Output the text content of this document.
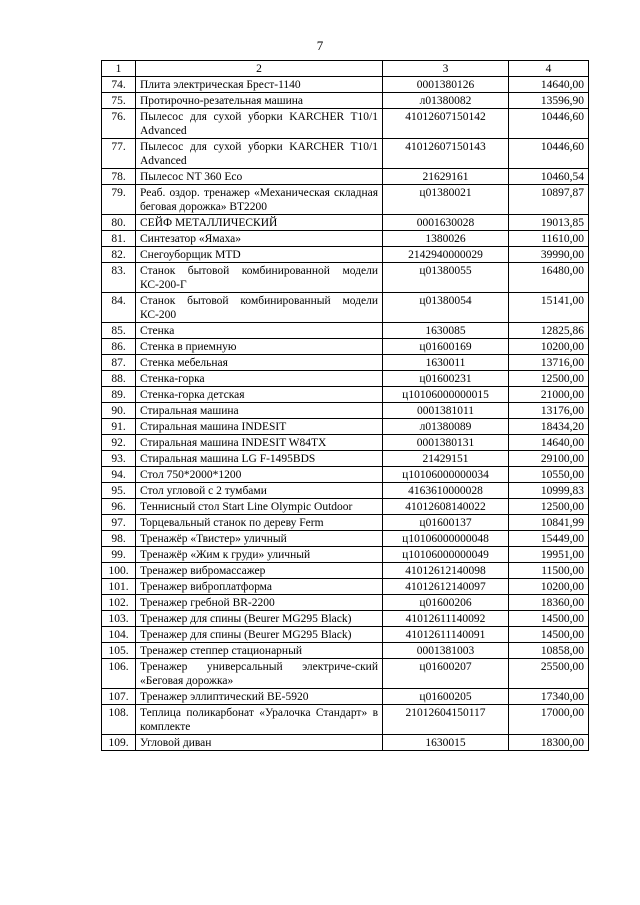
7
1	2	3	4
74.	Плита электрическая Брест-1140	0001380126	14640,00
75.	Протирочно-резательная машина	л01380082	13596,90
76.	Пылесос для сухой уборки KARCHER T10/1 Advanced	41012607150142	10446,60
77.	Пылесос для сухой уборки KARCHER T10/1 Advanced	41012607150143	10446,60
78.	Пылесос NT 360 Eco	21629161	10460,54
79.	Реаб. оздор. тренажер «Механическая складная беговая дорожка» ВТ2200	ц01380021	10897,87
80.	СЕЙФ МЕТАЛЛИЧЕСКИЙ	0001630028	19013,85
81.	Синтезатор «Ямаха»	1380026	11610,00
82.	Снегоуборщик MTD	2142940000029	39990,00
83.	Станок бытовой комбинированной модели КС-200-Г	ц01380055	16480,00
84.	Станок бытовой комбинированный модели КС-200	ц01380054	15141,00
85.	Стенка	1630085	12825,86
86.	Стенка в приемную	ц01600169	10200,00
87.	Стенка мебельная	1630011	13716,00
88.	Стенка-горка	ц01600231	12500,00
89.	Стенка-горка детская	ц10106000000015	21000,00
90.	Стиральная машина	0001381011	13176,00
91.	Стиральная машина INDESIT	л01380089	18434,20
92.	Стиральная машина INDESIT W84TX	0001380131	14640,00
93.	Стиральная машина LG F-1495BDS	21429151	29100,00
94.	Стол 750*2000*1200	ц10106000000034	10550,00
95.	Стол угловой с 2 тумбами	4163610000028	10999,83
96.	Теннисный стол Start Line Olympic Outdoor	41012608140022	12500,00
97.	Торцевальный станок по дереву Ferm	ц01600137	10841,99
98.	Тренажёр «Твистер» уличный	ц10106000000048	15449,00
99.	Тренажёр «Жим к груди» уличный	ц10106000000049	19951,00
100.	Тренажер вибромассажер	41012612140098	11500,00
101.	Тренажер виброплатформа	41012612140097	10200,00
102.	Тренажер гребной BR-2200	ц01600206	18360,00
103.	Тренажер для спины (Beurer MG295 Black)	41012611140092	14500,00
104.	Тренажер для спины (Beurer MG295 Black)	41012611140091	14500,00
105.	Тренажер степпер стационарный	0001381003	10858,00
106.	Тренажер универсальный электриче-ский «Беговая дорожка»	ц01600207	25500,00
107.	Тренажер эллиптический ВЕ-5920	ц01600205	17340,00
108.	Теплица поликарбонат «Уралочка Стандарт» в комплекте	21012604150117	17000,00
109.	Угловой диван	1630015	18300,00
